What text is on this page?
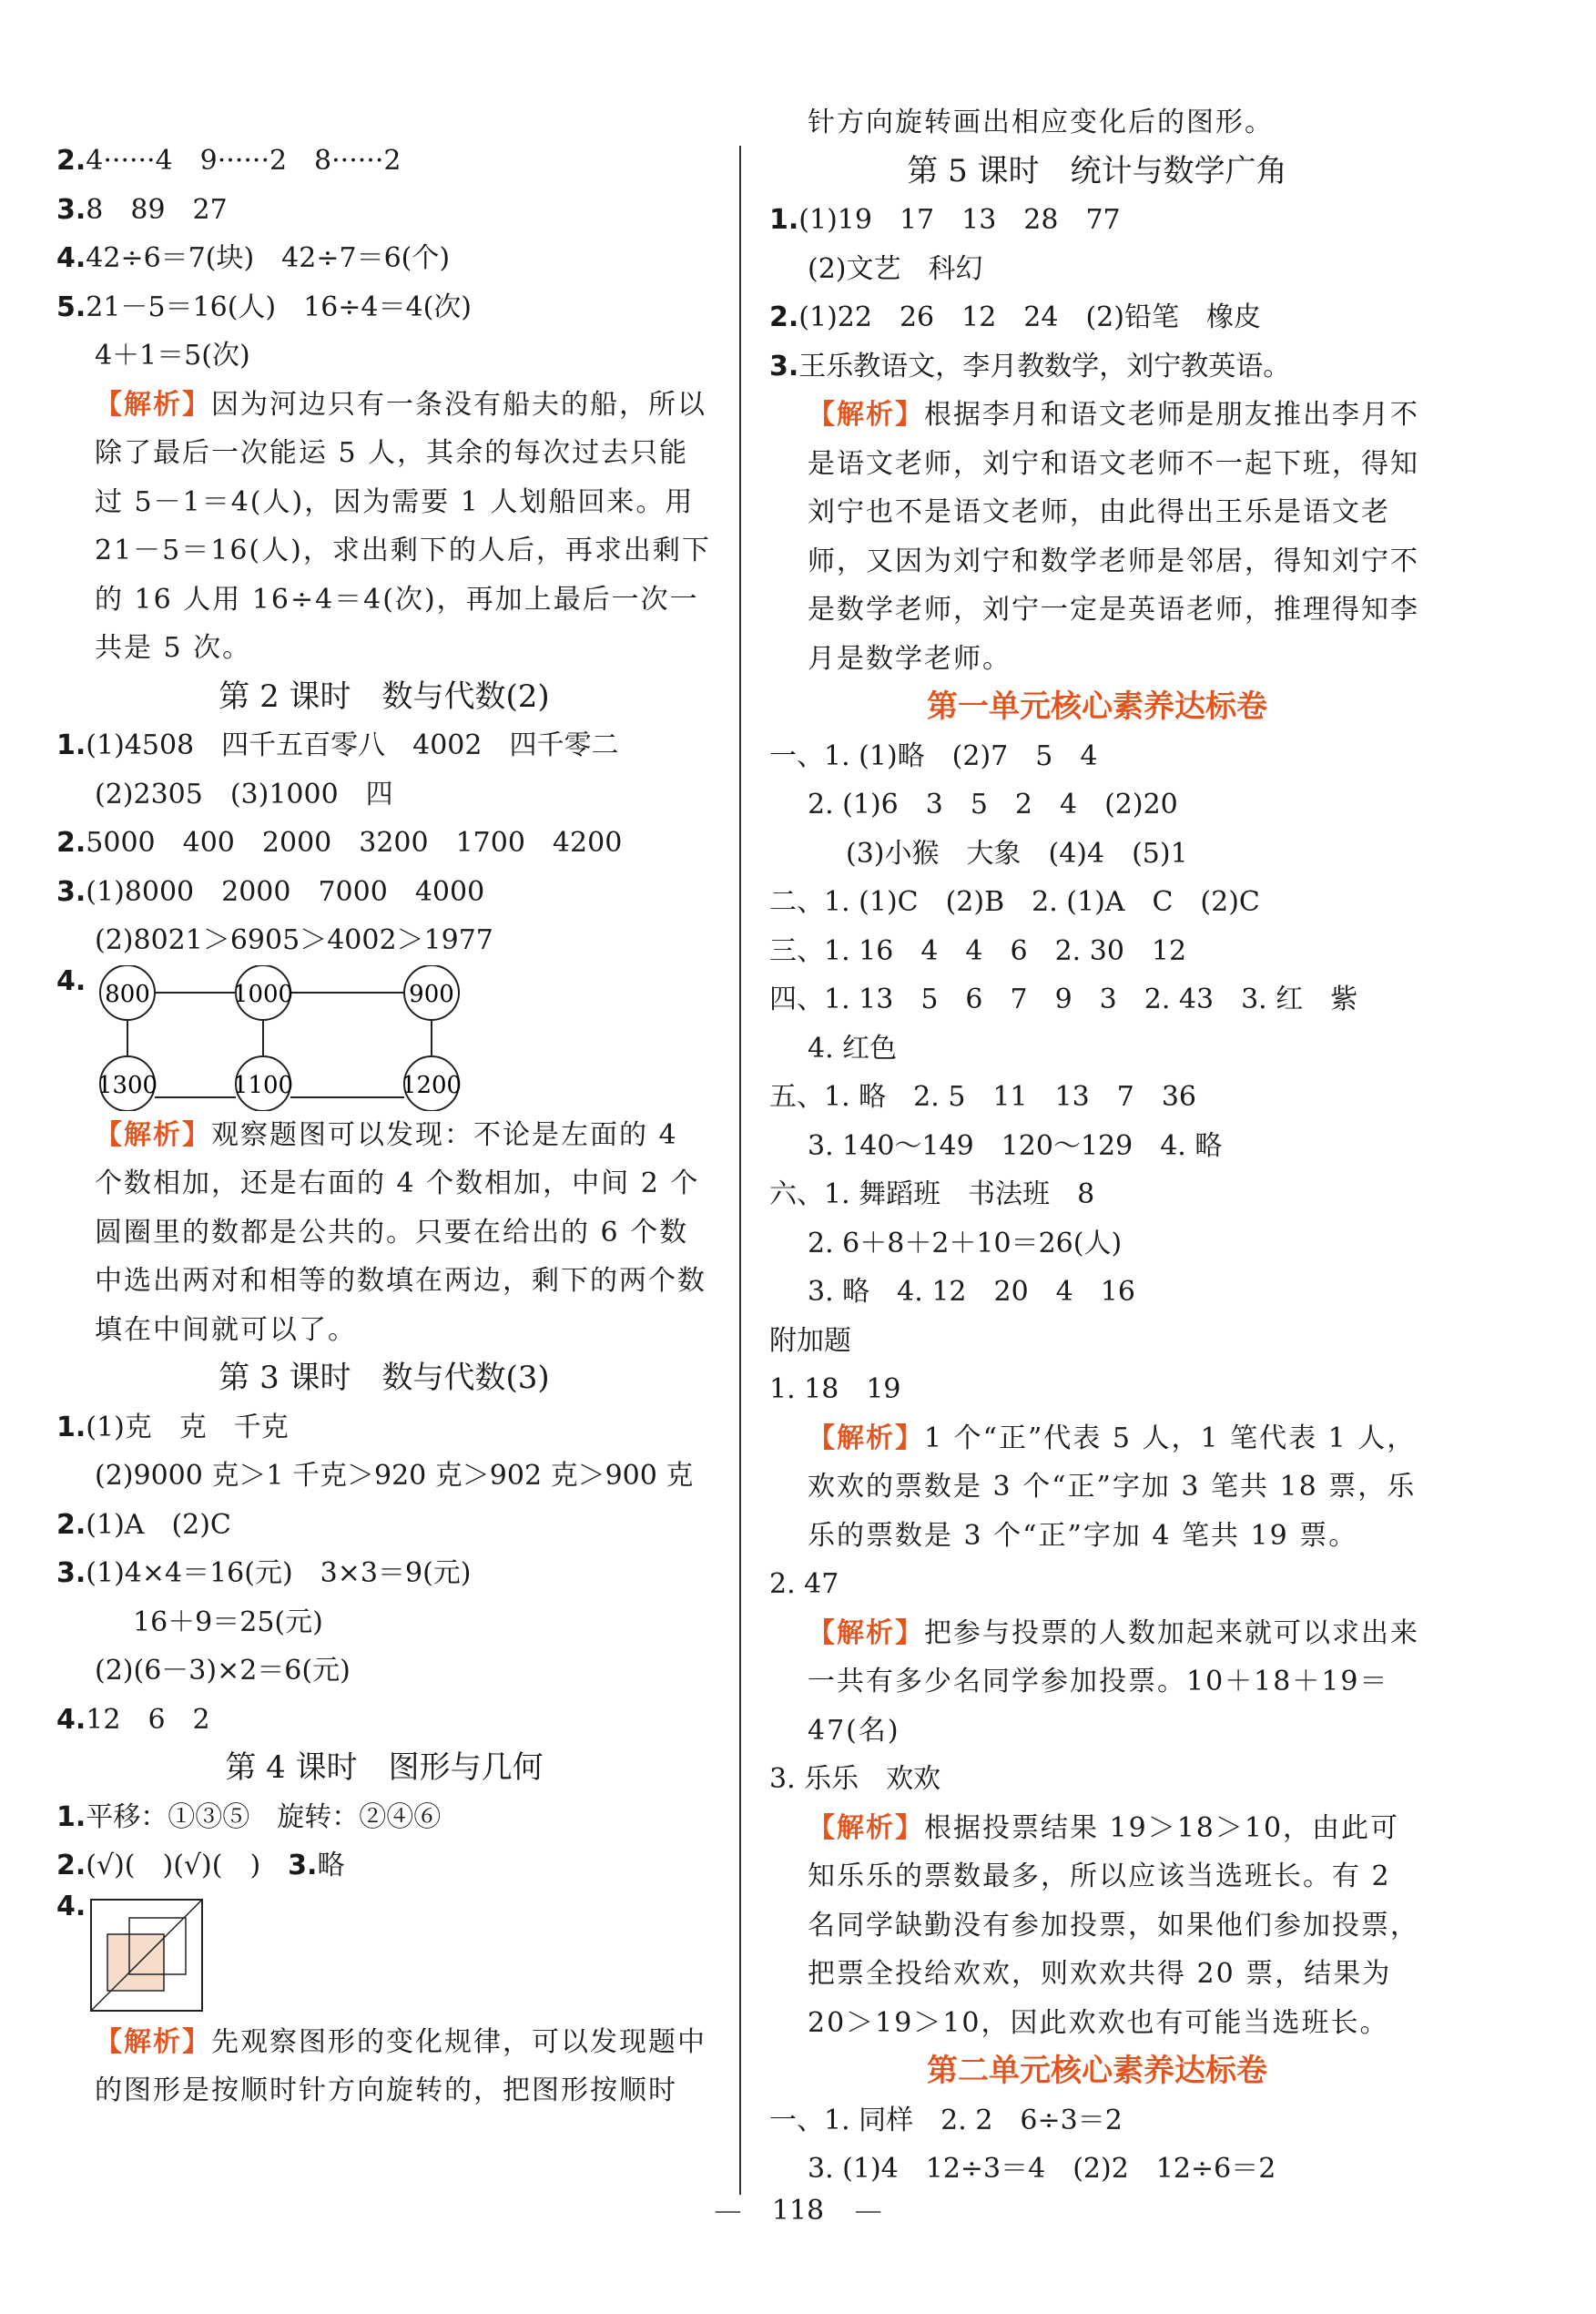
2.4······4　9······2　8······2
3.8　89　27
4.42÷6＝7(块)　42÷7＝6(个)
5.21－5＝16(人)　16÷4＝4(次)
4＋1＝5(次)
【解析】因为河边只有一条没有船夫的船，所以除了最后一次能运 5 人，其余的每次过去只能过 5－1＝4(人)，因为需要 1 人划船回来。用 21－5＝16(人)，求出剩下的人后，再求出剩下的 16 人用 16÷4＝4(次)，再加上最后一次一共是 5 次。
第 2 课时　数与代数(2)
1.(1)4508　四千五百零八　4002　四千零二
(2)2305　(3)1000　四
2.5000　400　2000　3200　1700　4200
3.(1)8000　2000　7000　4000
(2)8021＞6905＞4002＞1977
4. 800	1000	900
1300	1100	1200
【解析】观察题图可以发现：不论是左面的 4 个数相加，还是右面的 4 个数相加，中间 2 个圆圈里的数都是公共的。只要在给出的 6 个数中选出两对和相等的数填在两边，剩下的两个数填在中间就可以了。
第 3 课时　数与代数(3)
1.(1)克　克　千克
(2)9000 克＞1 千克＞920 克＞902 克＞900 克
2.(1)A　(2)C
3.(1)4×4＝16(元)　3×3＝9(元)
16＋9＝25(元)
(2)(6－3)×2＝6(元)
4.12　6　2
第 4 课时　图形与几何
1.平移：①③⑤　旋转：②④⑥
2.(√)(　)(√)(　)　 3.略
4.
【解析】先观察图形的变化规律，可以发现题中的图形是按顺时针方向旋转的，把图形按顺时
针方向旋转画出相应变化后的图形。
第 5 课时　统计与数学广角
1.(1)19　17　13　28　77
(2)文艺　科幻
2.(1)22　26　12　24　(2)铅笔　橡皮
3.王乐教语文，李月教数学，刘宁教英语。
【解析】根据李月和语文老师是朋友推出李月不是语文老师，刘宁和语文老师不一起下班，得知刘宁也不是语文老师，由此得出王乐是语文老师，又因为刘宁和数学老师是邻居，得知刘宁不是数学老师，刘宁一定是英语老师，推理得知李月是数学老师。
第一单元核心素养达标卷
一、1. (1)略　(2)7　5　4
2. (1)6　3　5　2　4　(2)20
(3)小猴　大象　(4)4　(5)1
二、1. (1)C　(2)B　2. (1)A　C　(2)C
三、1. 16　4　4　6　2. 30　12
四、1. 13　5　6　7　9　3　2. 43　3. 红　紫
4. 红色
五、1. 略　2. 5　11　13　7　36
3. 140～149　120～129　4. 略
六、1. 舞蹈班　书法班　8
2. 6＋8＋2＋10＝26(人)
3. 略　4. 12　20　4　16
附加题
1. 18　19
【解析】1 个“正”代表 5 人，1 笔代表 1 人，欢欢的票数是 3 个“正”字加 3 笔共 18 票，乐乐的票数是 3 个“正”字加 4 笔共 19 票。
2. 47
【解析】把参与投票的人数加起来就可以求出来一共有多少名同学参加投票。10＋18＋19＝47(名)
3. 乐乐　欢欢
【解析】根据投票结果 19＞18＞10，由此可知乐乐的票数最多，所以应该当选班长。有 2 名同学缺勤没有参加投票，如果他们参加投票，把票全投给欢欢，则欢欢共得 20 票，结果为 20＞19＞10，因此欢欢也有可能当选班长。
第二单元核心素养达标卷
一、1. 同样　2. 2　6÷3＝2
3. (1)4　12÷3＝4　(2)2　12÷6＝2
— 118 —
